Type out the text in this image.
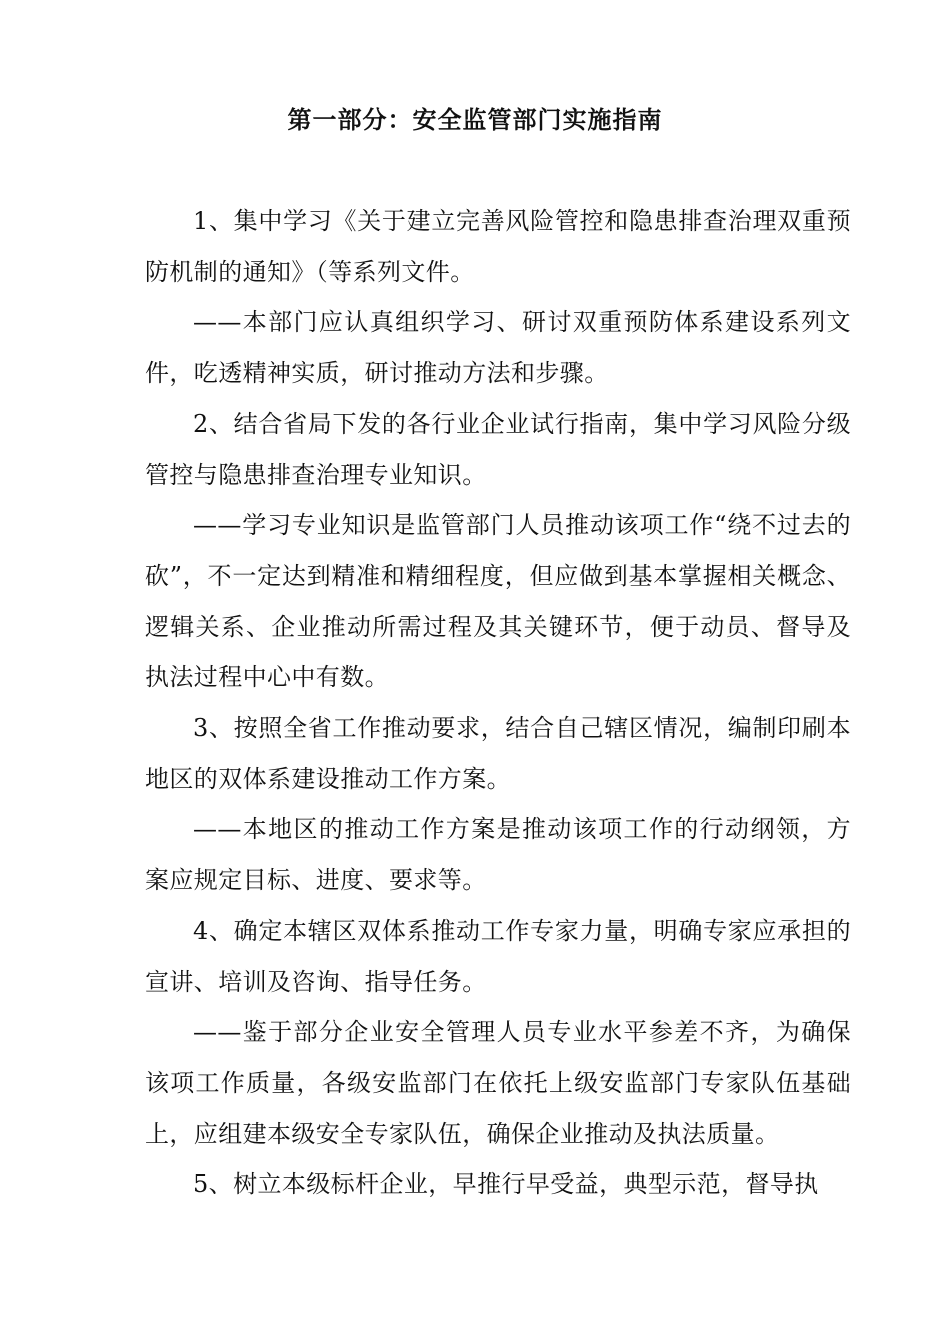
第一部分：安全监管部门实施指南

1、集中学习《关于建立完善风险管控和隐患排查治理双重预防机制的通知》（等系列文件。

——本部门应认真组织学习、研讨双重预防体系建设系列文件，吃透精神实质，研讨推动方法和步骤。

2、结合省局下发的各行业企业试行指南，集中学习风险分级管控与隐患排查治理专业知识。

——学习专业知识是监管部门人员推动该项工作“绕不过去的砍”，不一定达到精准和精细程度，但应做到基本掌握相关概念、逻辑关系、企业推动所需过程及其关键环节，便于动员、督导及执法过程中心中有数。

3、按照全省工作推动要求，结合自己辖区情况，编制印刷本地区的双体系建设推动工作方案。

——本地区的推动工作方案是推动该项工作的行动纲领，方案应规定目标、进度、要求等。

4、确定本辖区双体系推动工作专家力量，明确专家应承担的宣讲、培训及咨询、指导任务。

——鉴于部分企业安全管理人员专业水平参差不齐，为确保该项工作质量，各级安监部门在依托上级安监部门专家队伍基础上，应组建本级安全专家队伍，确保企业推动及执法质量。

5、树立本级标杆企业，早推行早受益，典型示范，督导执
